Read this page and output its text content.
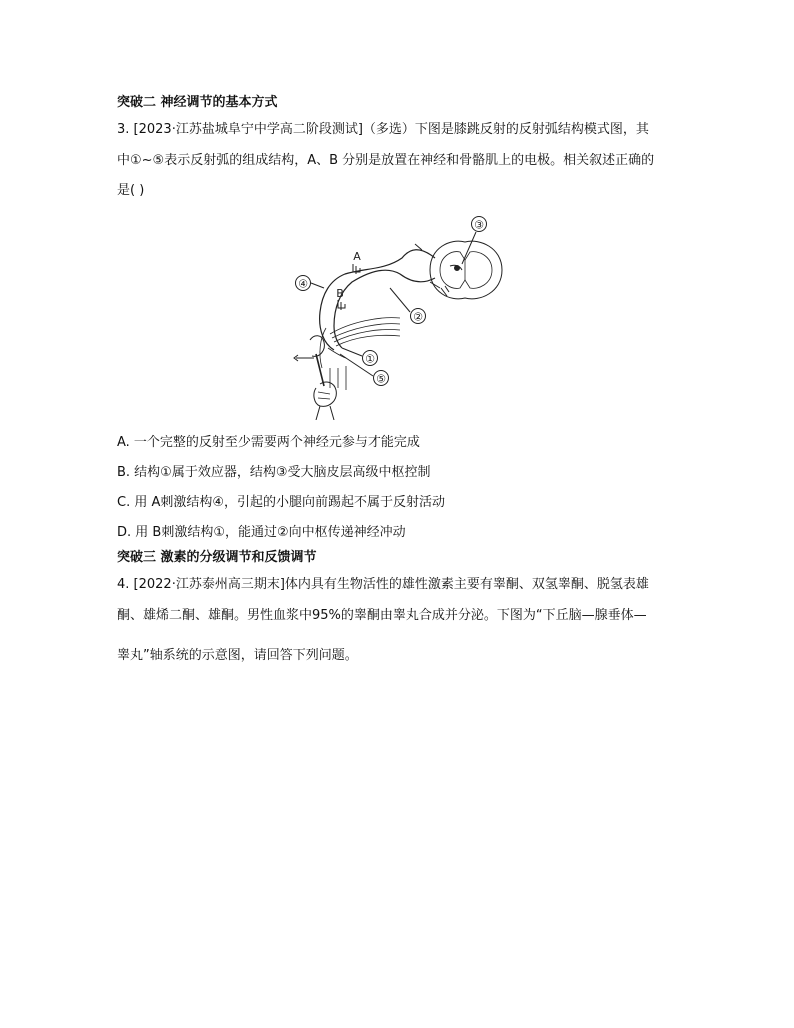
突破二 神经调节的基本方式
3. [2023·江苏盐城阜宁中学高二阶段测试]（多选）下图是膝跳反射的反射弧结构模式图，其
中①~⑤表示反射弧的组成结构，A、B 分别是放置在神经和骨骼肌上的电极。相关叙述正确的
是( )
③
A
B
④
②
①
⑤
A. 一个完整的反射至少需要两个神经元参与才能完成
B. 结构①属于效应器，结构③受大脑皮层高级中枢控制
C. 用 A刺激结构④，引起的小腿向前踢起不属于反射活动
D. 用 B刺激结构①，能通过②向中枢传递神经冲动
突破三 激素的分级调节和反馈调节
4. [2022·江苏泰州高三期末]体内具有生物活性的雄性激素主要有睾酮、双氢睾酮、脱氢表雄
酮、雄烯二酮、雄酮。男性血浆中95%的睾酮由睾丸合成并分泌。下图为“下丘脑—腺垂体—
睾丸”轴系统的示意图，请回答下列问题。
